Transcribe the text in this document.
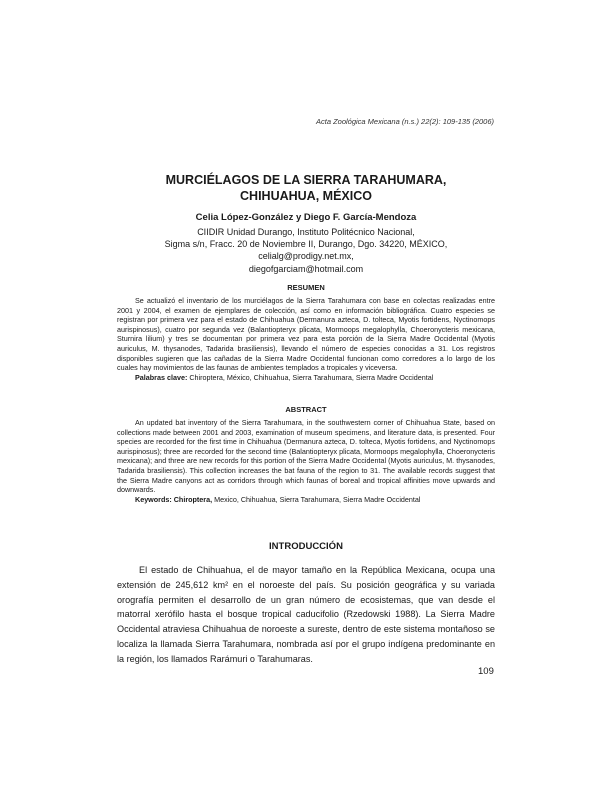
Acta Zoológica Mexicana (n.s.) 22(2): 109-135 (2006)
MURCIÉLAGOS DE LA SIERRA TARAHUMARA,
CHIHUAHUA, MÉXICO
Celia López-González y Diego F. García-Mendoza
CIIDIR Unidad Durango, Instituto Politécnico Nacional,
Sigma s/n, Fracc. 20 de Noviembre II, Durango, Dgo. 34220, MÉXICO,
celialg@prodigy.net.mx,
diegofgarciam@hotmail.com
RESUMEN

Se actualizó el inventario de los murciélagos de la Sierra Tarahumara con base en colectas realizadas entre 2001 y 2004, el examen de ejemplares de colección, así como en información bibliográfica. Cuatro especies se registran por primera vez para el estado de Chihuahua (Dermanura azteca, D. tolteca, Myotis fortidens, Nyctinomops aurispinosus), cuatro por segunda vez (Balantiopteryx plicata, Mormoops megalophylla, Choeronycteris mexicana, Sturnira lilium) y tres se documentan por primera vez para esta porción de la Sierra Madre Occidental (Myotis auriculus, M. thysanodes, Tadarida brasiliensis), llevando el número de especies conocidas a 31. Los registros disponibles sugieren que las cañadas de la Sierra Madre Occidental funcionan como corredores a lo largo de los cuales hay movimientos de las faunas de ambientes templados a tropicales y viceversa.

Palabras clave: Chiroptera, México, Chihuahua, Sierra Tarahumara, Sierra Madre Occidental

ABSTRACT

An updated bat inventory of the Sierra Tarahumara, in the southwestern corner of Chihuahua State, based on collections made between 2001 and 2003, examination of museum specimens, and literature data, is presented. Four species are recorded for the first time in Chihuahua (Dermanura azteca, D. tolteca, Myotis fortidens, and Nyctinomops aurispinosus); three are recorded for the second time (Balantiopteryx plicata, Mormoops megalophylla, Choeronycteris mexicana); and three are new records for this portion of the Sierra Madre Occidental (Myotis auriculus, M. thysanodes, Tadarida brasiliensis). This collection increases the bat fauna of the region to 31. The available records suggest that the Sierra Madre canyons act as corridors through which faunas of boreal and tropical affinities move upwards and downwards.

Keywords: Chiroptera, Mexico, Chihuahua, Sierra Tarahumara, Sierra Madre Occidental

INTRODUCCIÓN

El estado de Chihuahua, el de mayor tamaño en la República Mexicana, ocupa una extensión de 245,612 km² en el noroeste del país. Su posición geográfica y su variada orografía permiten el desarrollo de un gran número de ecosistemas, que van desde el matorral xerófilo hasta el bosque tropical caducifolio (Rzedowski 1988). La Sierra Madre Occidental atraviesa Chihuahua de noroeste a sureste, dentro de este sistema montañoso se localiza la llamada Sierra Tarahumara, nombrada así por el grupo indígena predominante en la región, los llamados Rarámuri o Tarahumaras.

109
